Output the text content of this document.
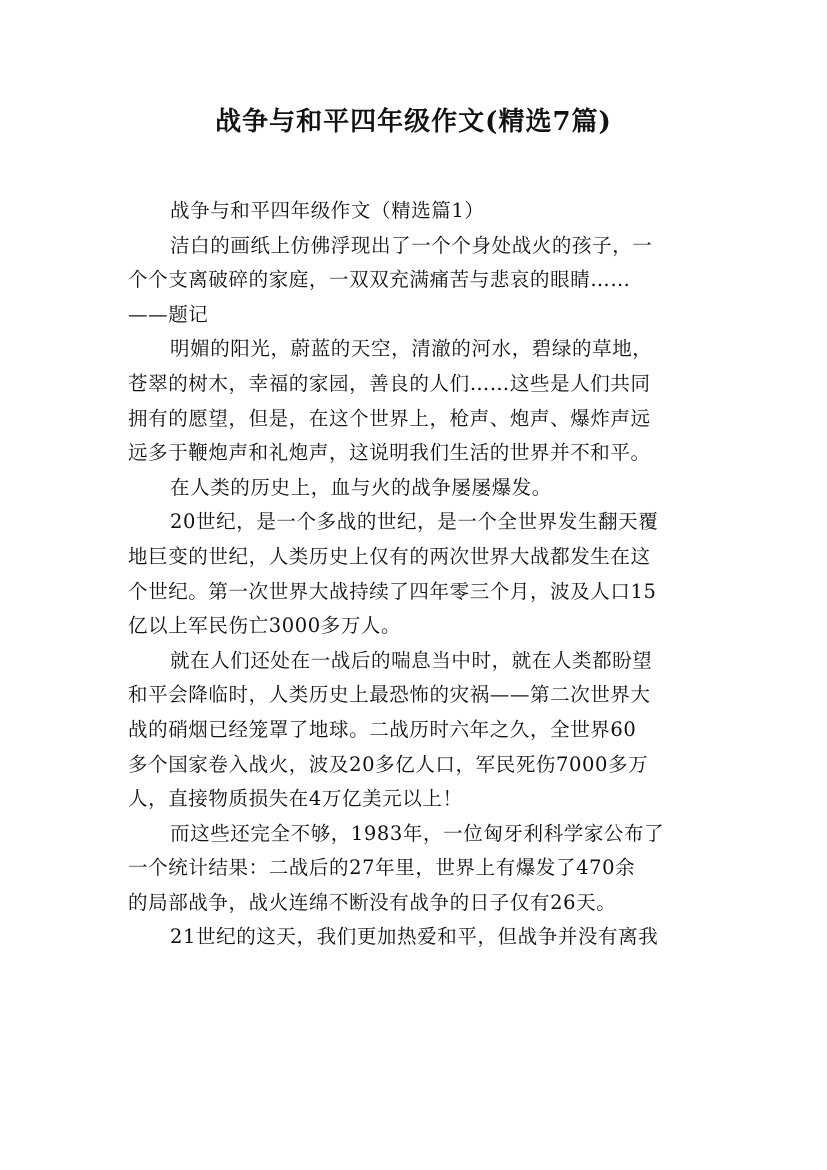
战争与和平四年级作文(精选7篇)
战争与和平四年级作文（精选篇1）
洁白的画纸上仿佛浮现出了一个个身处战火的孩子，一
个个支离破碎的家庭，一双双充满痛苦与悲哀的眼睛……
——题记
明媚的阳光，蔚蓝的天空，清澈的河水，碧绿的草地，
苍翠的树木，幸福的家园，善良的人们……这些是人们共同
拥有的愿望，但是，在这个世界上，枪声、炮声、爆炸声远
远多于鞭炮声和礼炮声，这说明我们生活的世界并不和平。
在人类的历史上，血与火的战争屡屡爆发。
20世纪，是一个多战的世纪，是一个全世界发生翻天覆
地巨变的世纪，人类历史上仅有的两次世界大战都发生在这
个世纪。第一次世界大战持续了四年零三个月，波及人口15
亿以上军民伤亡3000多万人。
就在人们还处在一战后的喘息当中时，就在人类都盼望
和平会降临时，人类历史上最恐怖的灾祸——第二次世界大
战的硝烟已经笼罩了地球。二战历时六年之久，全世界60
多个国家卷入战火，波及20多亿人口，军民死伤7000多万
人，直接物质损失在4万亿美元以上！
而这些还完全不够，1983年，一位匈牙利科学家公布了
一个统计结果：二战后的27年里，世界上有爆发了470余
的局部战争，战火连绵不断没有战争的日子仅有26天。
21世纪的这天，我们更加热爱和平，但战争并没有离我
